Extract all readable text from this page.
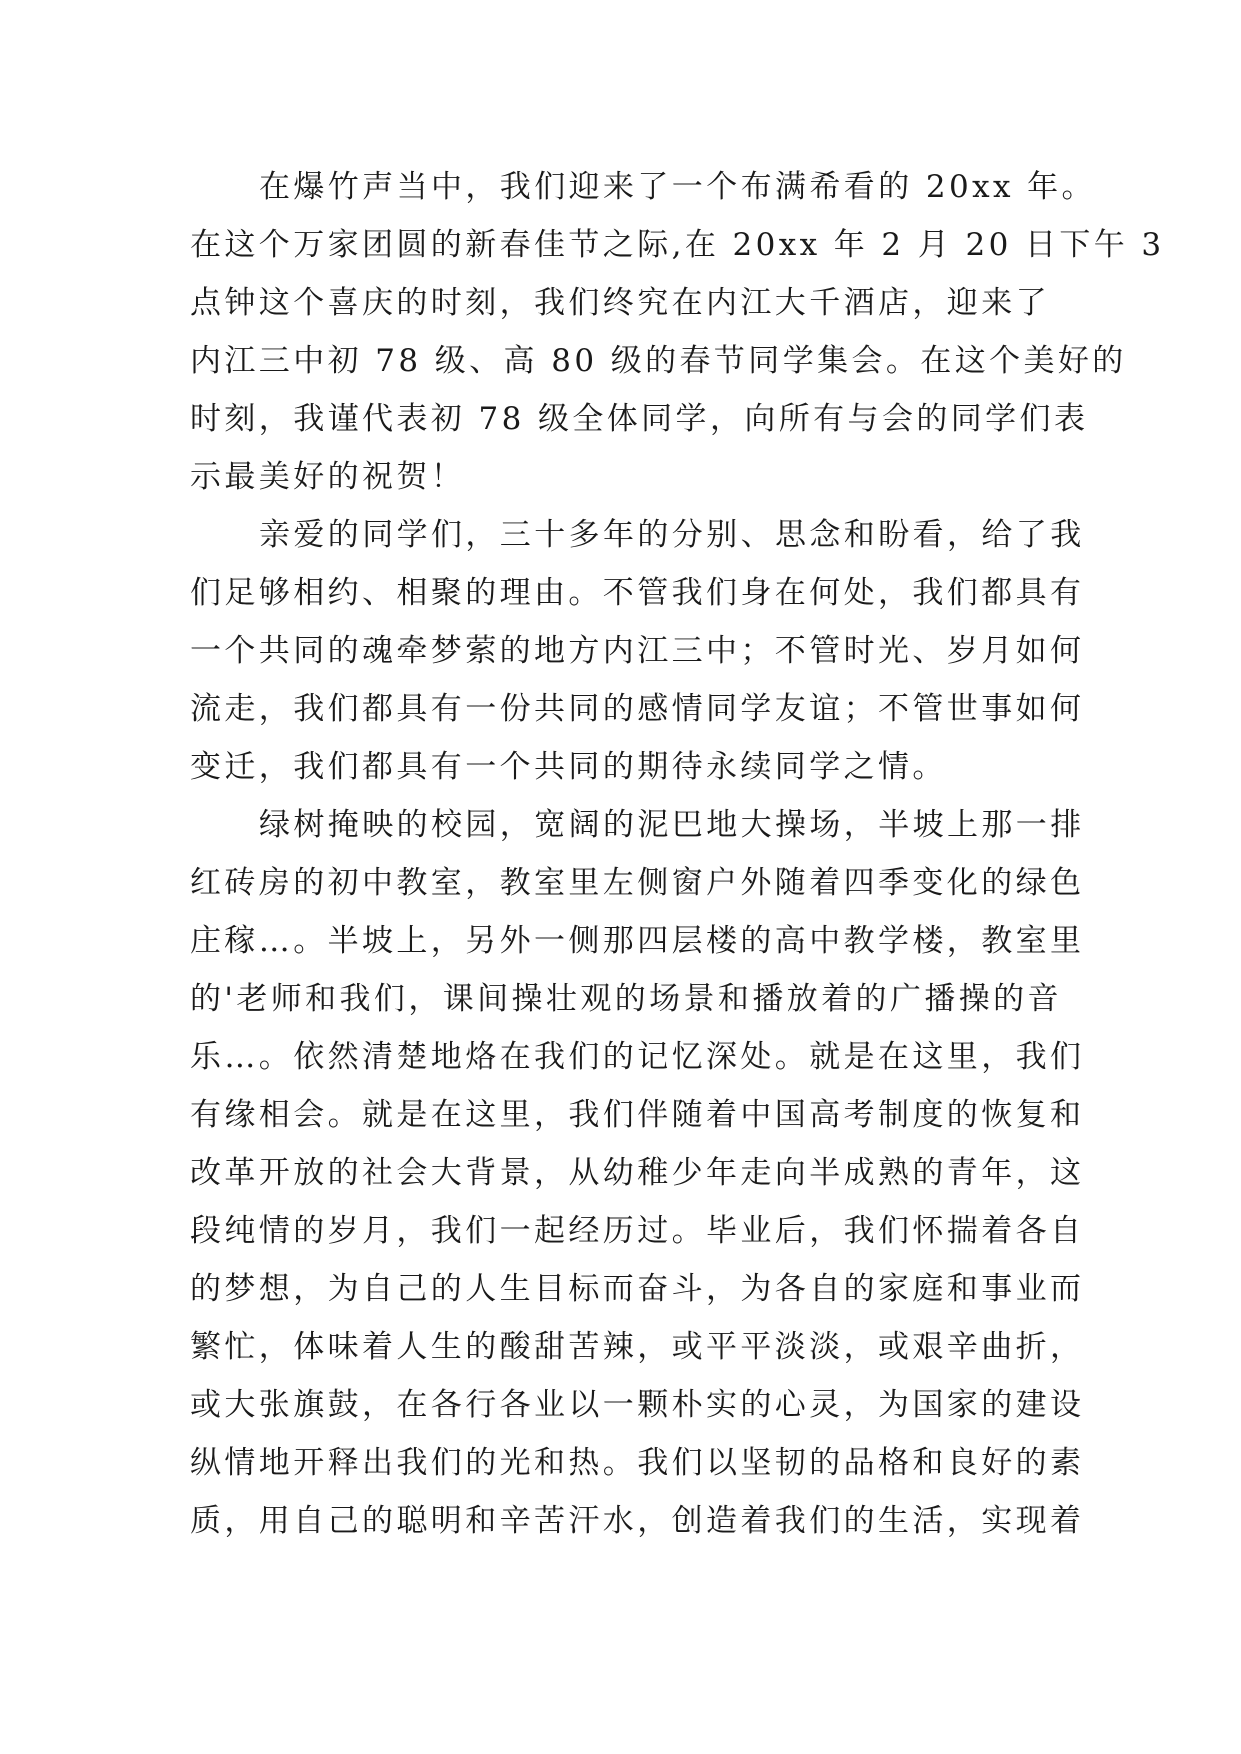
在爆竹声当中，我们迎来了一个布满希看的 20xx 年。
在这个万家团圆的新春佳节之际,在 20xx 年 2 月 20 日下午 3
点钟这个喜庆的时刻，我们终究在内江大千酒店，迎来了
内江三中初 78 级、高 80 级的春节同学集会。在这个美好的
时刻，我谨代表初 78 级全体同学，向所有与会的同学们表
示最美好的祝贺！
亲爱的同学们，三十多年的分别、思念和盼看，给了我
们足够相约、相聚的理由。不管我们身在何处，我们都具有
一个共同的魂牵梦萦的地方内江三中；不管时光、岁月如何
流走，我们都具有一份共同的感情同学友谊；不管世事如何
变迁，我们都具有一个共同的期待永续同学之情。
绿树掩映的校园，宽阔的泥巴地大操场，半坡上那一排
红砖房的初中教室，教室里左侧窗户外随着四季变化的绿色
庄稼…。半坡上，另外一侧那四层楼的高中教学楼，教室里
的'老师和我们，课间操壮观的场景和播放着的广播操的音
乐…。依然清楚地烙在我们的记忆深处。就是在这里，我们
有缘相会。就是在这里，我们伴随着中国高考制度的恢复和
改革开放的社会大背景，从幼稚少年走向半成熟的青年，这
段纯情的岁月，我们一起经历过。毕业后，我们怀揣着各自
的梦想，为自己的人生目标而奋斗，为各自的家庭和事业而
繁忙，体味着人生的酸甜苦辣，或平平淡淡，或艰辛曲折，
或大张旗鼓，在各行各业以一颗朴实的心灵，为国家的建设
纵情地开释出我们的光和热。我们以坚韧的品格和良好的素
质，用自己的聪明和辛苦汗水，创造着我们的生活，实现着
